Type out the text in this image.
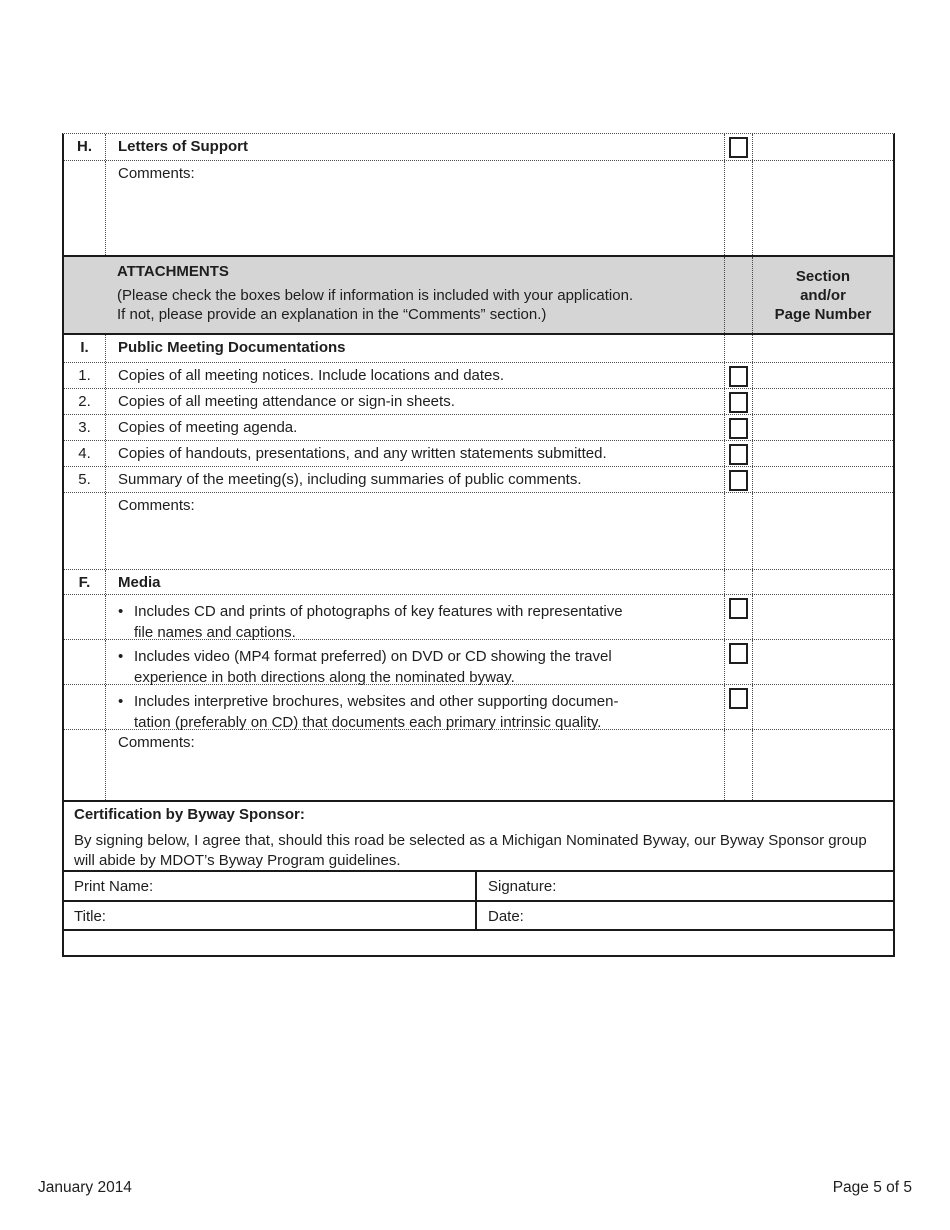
H.	Letters of Support
Comments:
ATTACHMENTS
(Please check the boxes below if information is included with your application.
If not, please provide an explanation in the “Comments” section.)
Section
and/or
Page Number
I.	Public Meeting Documentations
1.	Copies of all meeting notices. Include locations and dates.
2.	Copies of all meeting attendance or sign-in sheets.
3.	Copies of meeting agenda.
4.	Copies of handouts, presentations, and any written statements submitted.
5.	Summary of the meeting(s), including summaries of public comments.
Comments:
F.	Media
• Includes CD and prints of photographs of key features with representative
file names and captions.
• Includes video (MP4 format preferred) on DVD or CD showing the travel
experience in both directions along the nominated byway.
• Includes interpretive brochures, websites and other supporting documen-
tation (preferably on CD) that documents each primary intrinsic quality.
Comments:
Certification by Byway Sponsor:
By signing below, I agree that, should this road be selected as a Michigan Nominated Byway, our Byway Sponsor group will abide by MDOT’s Byway Program guidelines.
Print Name:	Signature:
Title:	Date:
January 2014	Page 5 of 5
